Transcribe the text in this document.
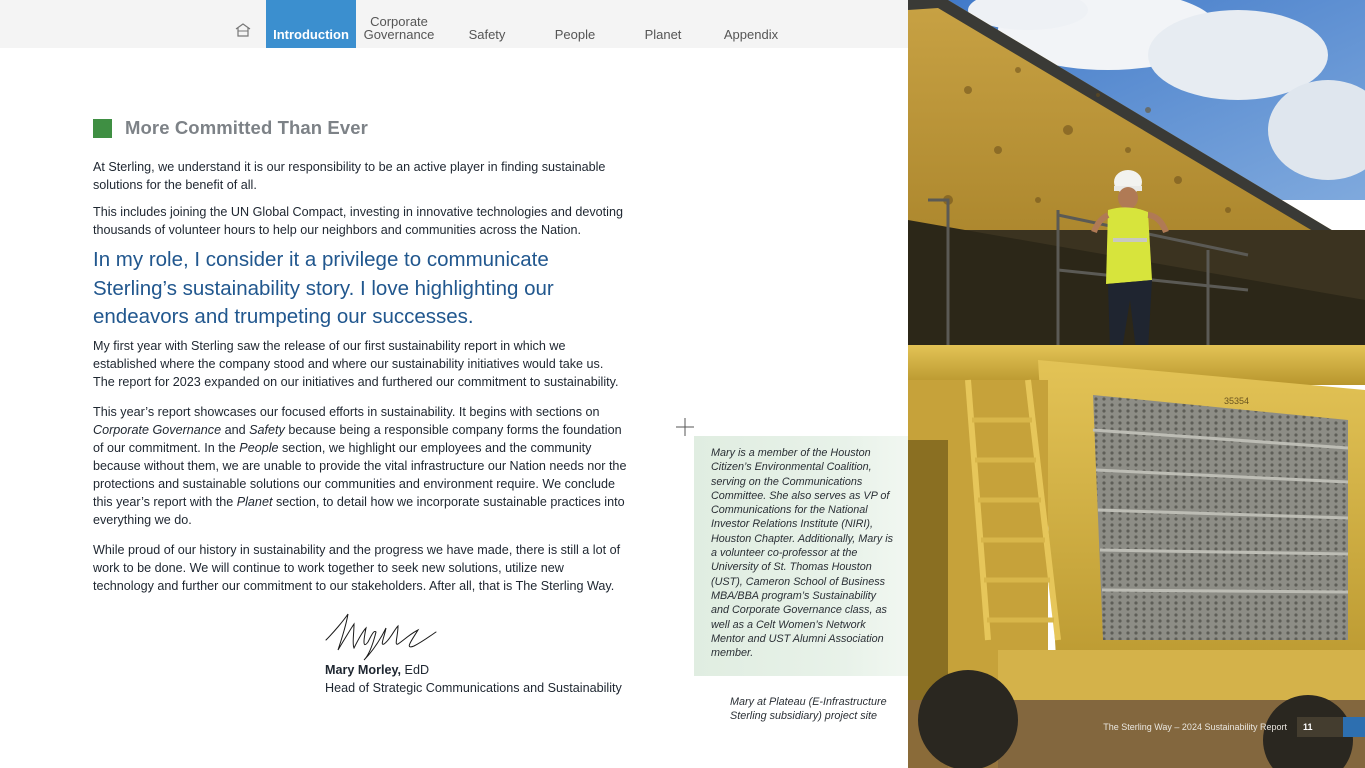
Introduction
Corporate
Governance	Safety	People	Planet	Appendix
More Committed Than Ever

At Sterling, we understand it is our responsibility to be an active player in finding sustainable solutions for the benefit of all.

This includes joining the UN Global Compact, investing in innovative technologies and devoting thousands of volunteer hours to help our neighbors and communities across the Nation.

In my role, I consider it a privilege to communicate Sterling’s sustainability story. I love highlighting our endeavors and trumpeting our successes.

My first year with Sterling saw the release of our first sustainability report in which we established where the company stood and where our sustainability initiatives would take us. The report for 2023 expanded on our initiatives and furthered our commitment to sustainability.

This year’s report showcases our focused efforts in sustainability. It begins with sections on Corporate Governance and Safety because being a responsible company forms the foundation of our commitment. In the People section, we highlight our employees and the community because without them, we are unable to provide the vital infrastructure our Nation needs nor the protections and sustainable solutions our communities and environment require. We conclude this year’s report with the Planet section, to detail how we incorporate sustainable practices into everything we do.

While proud of our history in sustainability and the progress we have made, there is still a lot of work to be done. We will continue to work together to seek new solutions, utilize new technology and further our commitment to our stakeholders. After all, that is The Sterling Way.

Mary Morley, EdD
Head of Strategic Communications and Sustainability

Mary is a member of the Houston Citizen’s Environmental Coalition, serving on the Communications Committee. She also serves as VP of Communications for the National Investor Relations Institute (NIRI), Houston Chapter. Additionally, Mary is a volunteer co-professor at the University of St. Thomas Houston (UST), Cameron School of Business MBA/BBA program’s Sustainability and Corporate Governance class, as well as a Celt Women’s Network Mentor and UST Alumni Association member.

Mary at Plateau (E-Infrastructure Sterling subsidiary) project site
35354
The Sterling Way – 2024 Sustainability Report	11
